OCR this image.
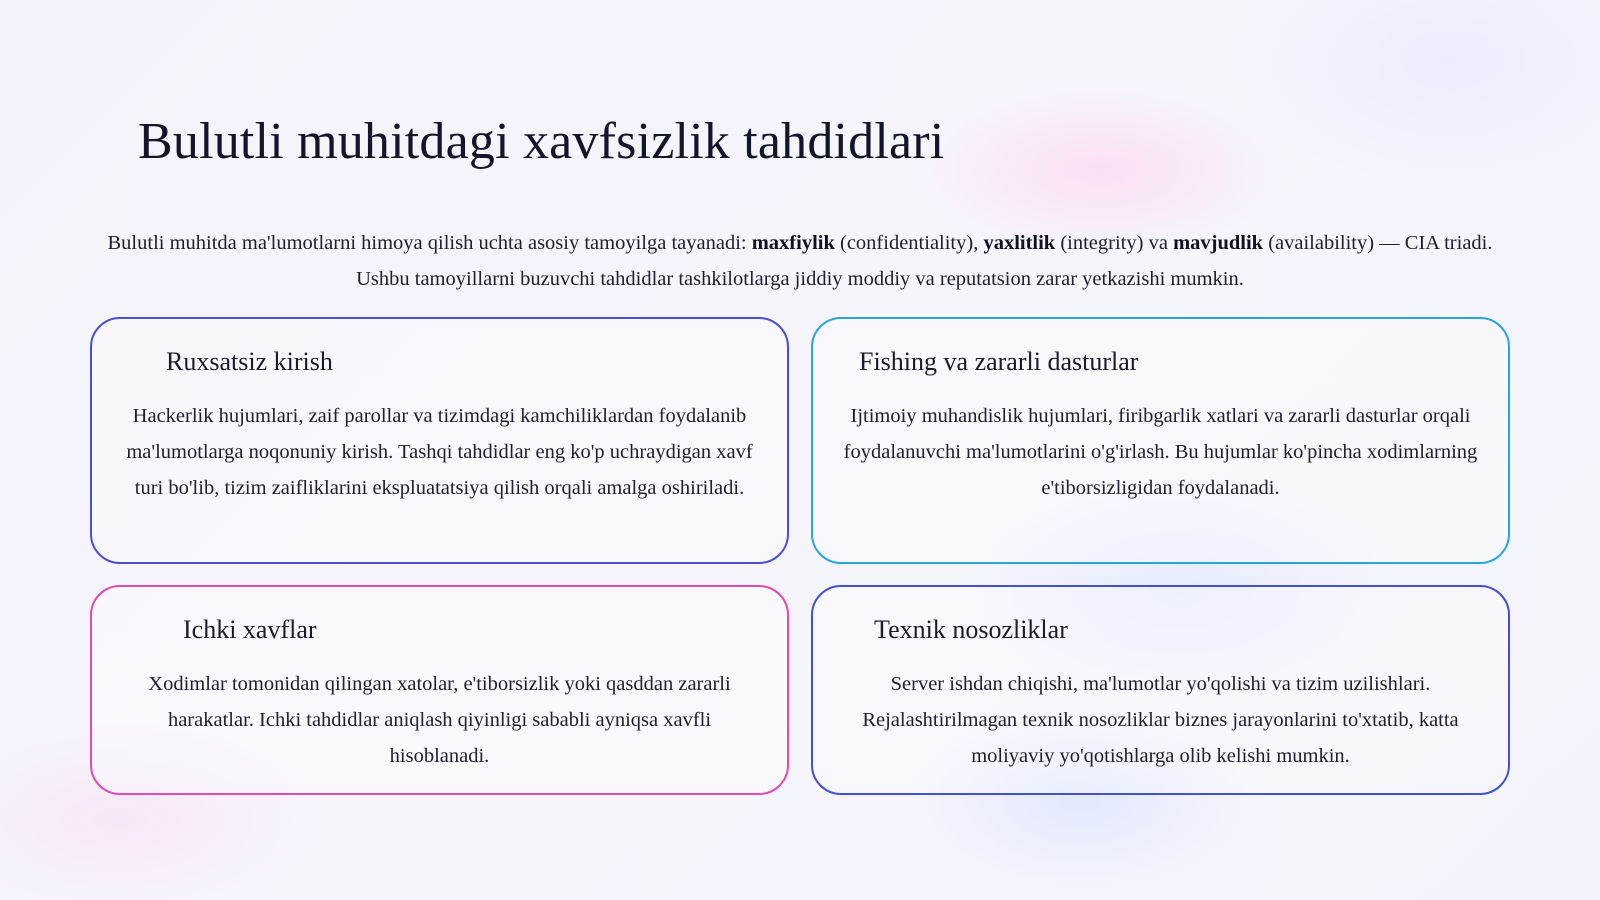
Bulutli muhitdagi xavfsizlik tahdidlari

Bulutli muhitda ma'lumotlarni himoya qilish uchta asosiy tamoyilga tayanadi: maxfiylik (confidentiality), yaxlitlik (integrity) va mavjudlik (availability) — CIA triadi. Ushbu tamoyillarni buzuvchi tahdidlar tashkilotlarga jiddiy moddiy va reputatsion zarar yetkazishi mumkin.

Ruxsatsiz kirish

Hackerlik hujumlari, zaif parollar va tizimdagi kamchiliklardan foydalanib ma'lumotlarga noqonuniy kirish. Tashqi tahdidlar eng ko'p uchraydigan xavf turi bo'lib, tizim zaifliklarini ekspluatatsiya qilish orqali amalga oshiriladi.

Fishing va zararli dasturlar

Ijtimoiy muhandislik hujumlari, firibgarlik xatlari va zararli dasturlar orqali foydalanuvchi ma'lumotlarini o'g'irlash. Bu hujumlar ko'pincha xodimlarning e'tiborsizligidan foydalanadi.

Ichki xavflar

Xodimlar tomonidan qilingan xatolar, e'tiborsizlik yoki qasddan zararli harakatlar. Ichki tahdidlar aniqlash qiyinligi sababli ayniqsa xavfli hisoblanadi.

Texnik nosozliklar

Server ishdan chiqishi, ma'lumotlar yo'qolishi va tizim uzilishlari. Rejalashtirilmagan texnik nosozliklar biznes jarayonlarini to'xtatib, katta moliyaviy yo'qotishlarga olib kelishi mumkin.
